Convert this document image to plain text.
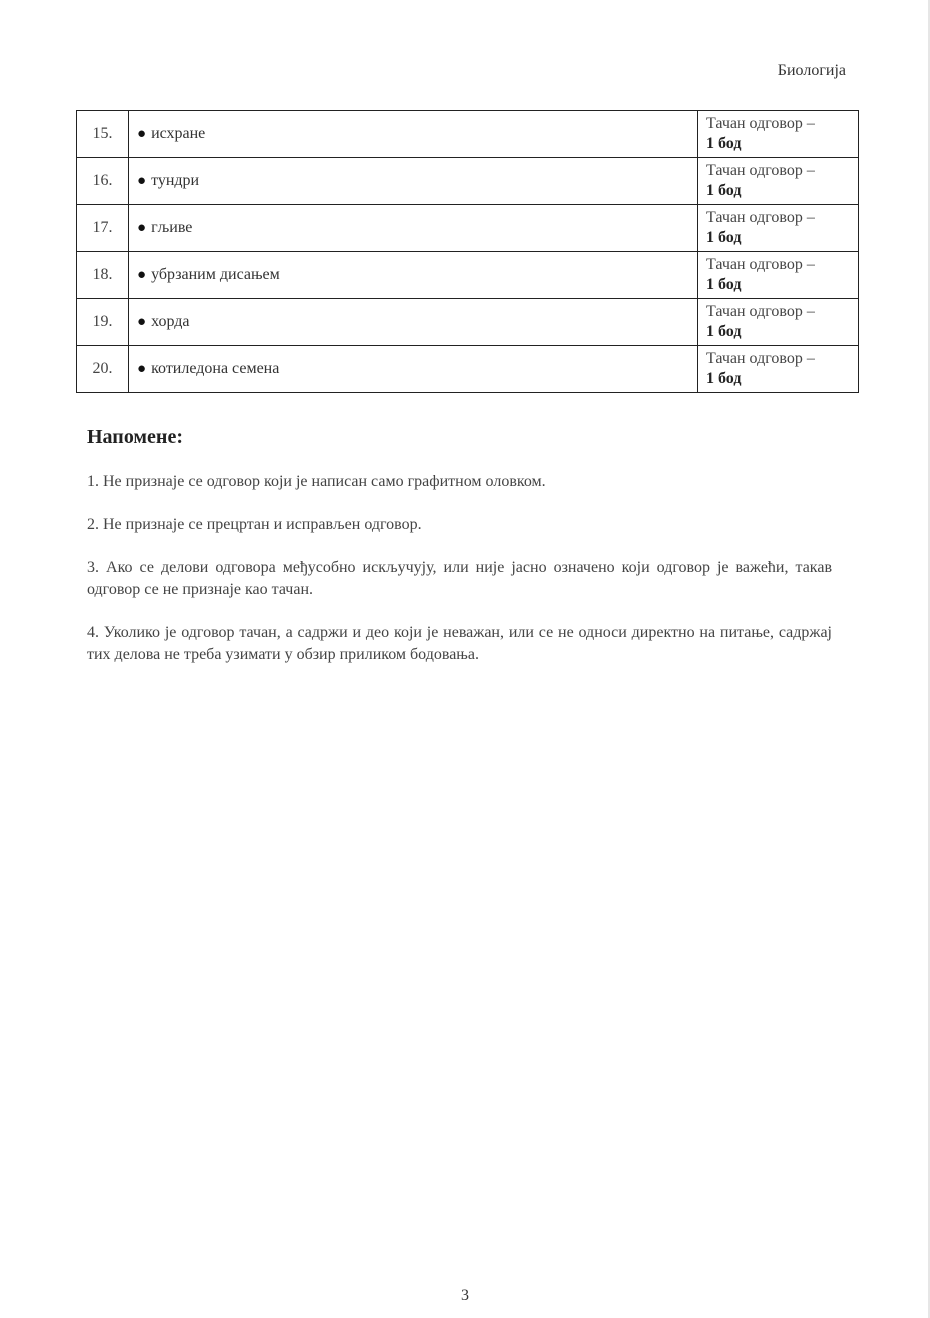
Биологија
15.	● исхране	Тачан одговор –
1 бод

16.	● тундри	Тачан одговор –
1 бод

17.	● гљиве	Тачан одговор –
1 бод

18.	● убрзаним дисањем	Тачан одговор –
1 бод

19.	● хорда	Тачан одговор –
1 бод

20.	● котиледона семена	Тачан одговор –
1 бод
Напомене:

1. Не признаје се одговор који је написан само графитном оловком.

2. Не признаје се прецртан и исправљен одговор.

3. Ако се делови одговора међусобно искључују, или није јасно означено који одговор је важећи, такав одговор се не признаје као тачан.

4. Уколико је одговор тачан, а садржи и део који је неважан, или се не односи директно на питање, садржај тих делова не треба узимати у обзир приликом бодовања.

3
